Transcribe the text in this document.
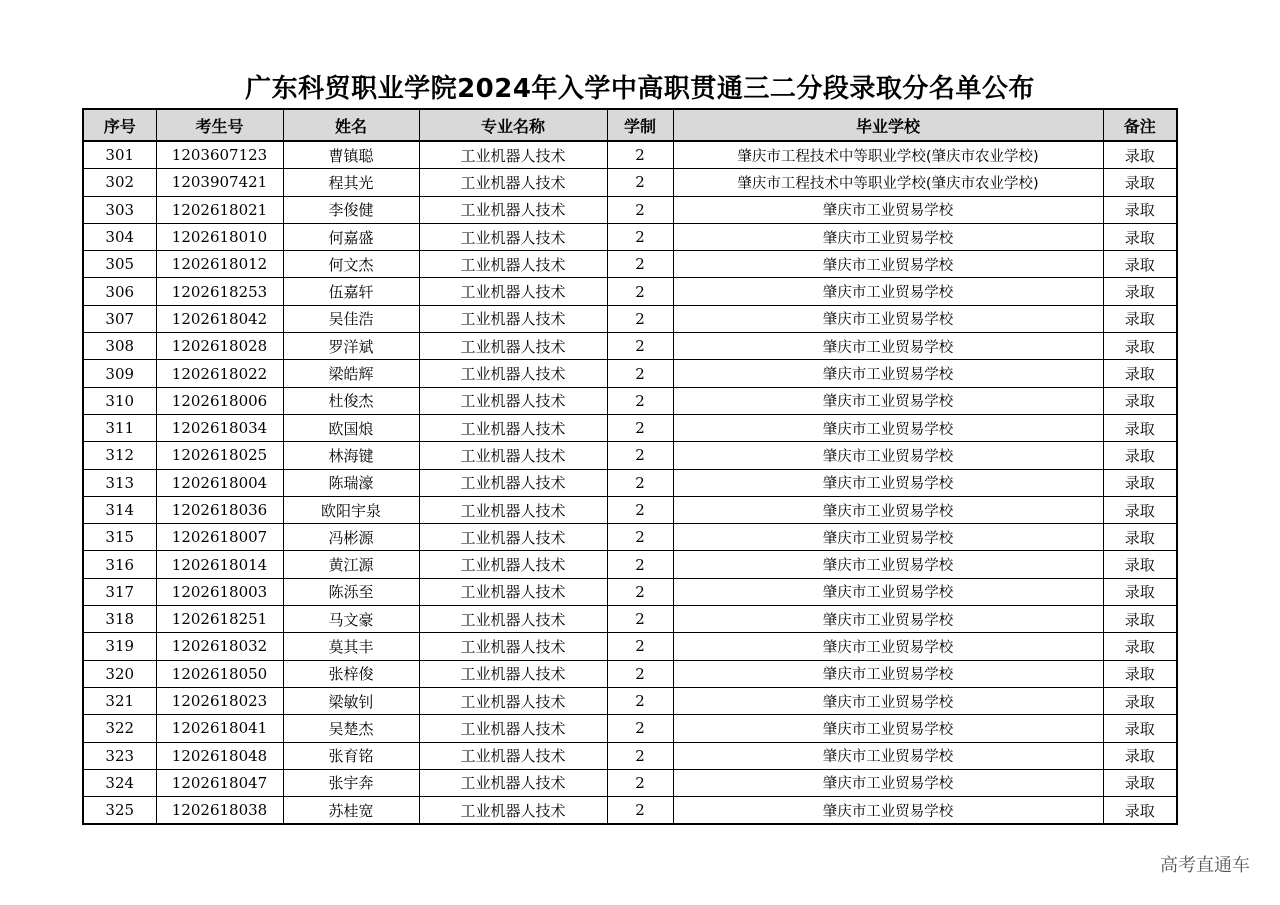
广东科贸职业学院2024年入学中高职贯通三二分段录取分名单公布
序号	考生号	姓名	专业名称	学制	毕业学校	备注
301	1203607123	曹镇聪	工业机器人技术	2	肇庆市工程技术中等职业学校(肇庆市农业学校)	录取
302	1203907421	程其光	工业机器人技术	2	肇庆市工程技术中等职业学校(肇庆市农业学校)	录取
303	1202618021	李俊健	工业机器人技术	2	肇庆市工业贸易学校	录取
304	1202618010	何嘉盛	工业机器人技术	2	肇庆市工业贸易学校	录取
305	1202618012	何文杰	工业机器人技术	2	肇庆市工业贸易学校	录取
306	1202618253	伍嘉轩	工业机器人技术	2	肇庆市工业贸易学校	录取
307	1202618042	吴佳浩	工业机器人技术	2	肇庆市工业贸易学校	录取
308	1202618028	罗洋斌	工业机器人技术	2	肇庆市工业贸易学校	录取
309	1202618022	梁皓辉	工业机器人技术	2	肇庆市工业贸易学校	录取
310	1202618006	杜俊杰	工业机器人技术	2	肇庆市工业贸易学校	录取
311	1202618034	欧国烺	工业机器人技术	2	肇庆市工业贸易学校	录取
312	1202618025	林海键	工业机器人技术	2	肇庆市工业贸易学校	录取
313	1202618004	陈瑞濠	工业机器人技术	2	肇庆市工业贸易学校	录取
314	1202618036	欧阳宇泉	工业机器人技术	2	肇庆市工业贸易学校	录取
315	1202618007	冯彬源	工业机器人技术	2	肇庆市工业贸易学校	录取
316	1202618014	黄江源	工业机器人技术	2	肇庆市工业贸易学校	录取
317	1202618003	陈泺至	工业机器人技术	2	肇庆市工业贸易学校	录取
318	1202618251	马文豪	工业机器人技术	2	肇庆市工业贸易学校	录取
319	1202618032	莫其丰	工业机器人技术	2	肇庆市工业贸易学校	录取
320	1202618050	张梓俊	工业机器人技术	2	肇庆市工业贸易学校	录取
321	1202618023	梁敏钊	工业机器人技术	2	肇庆市工业贸易学校	录取
322	1202618041	吴楚杰	工业机器人技术	2	肇庆市工业贸易学校	录取
323	1202618048	张育铭	工业机器人技术	2	肇庆市工业贸易学校	录取
324	1202618047	张宇奔	工业机器人技术	2	肇庆市工业贸易学校	录取
325	1202618038	苏桂宽	工业机器人技术	2	肇庆市工业贸易学校	录取
高考直通车
